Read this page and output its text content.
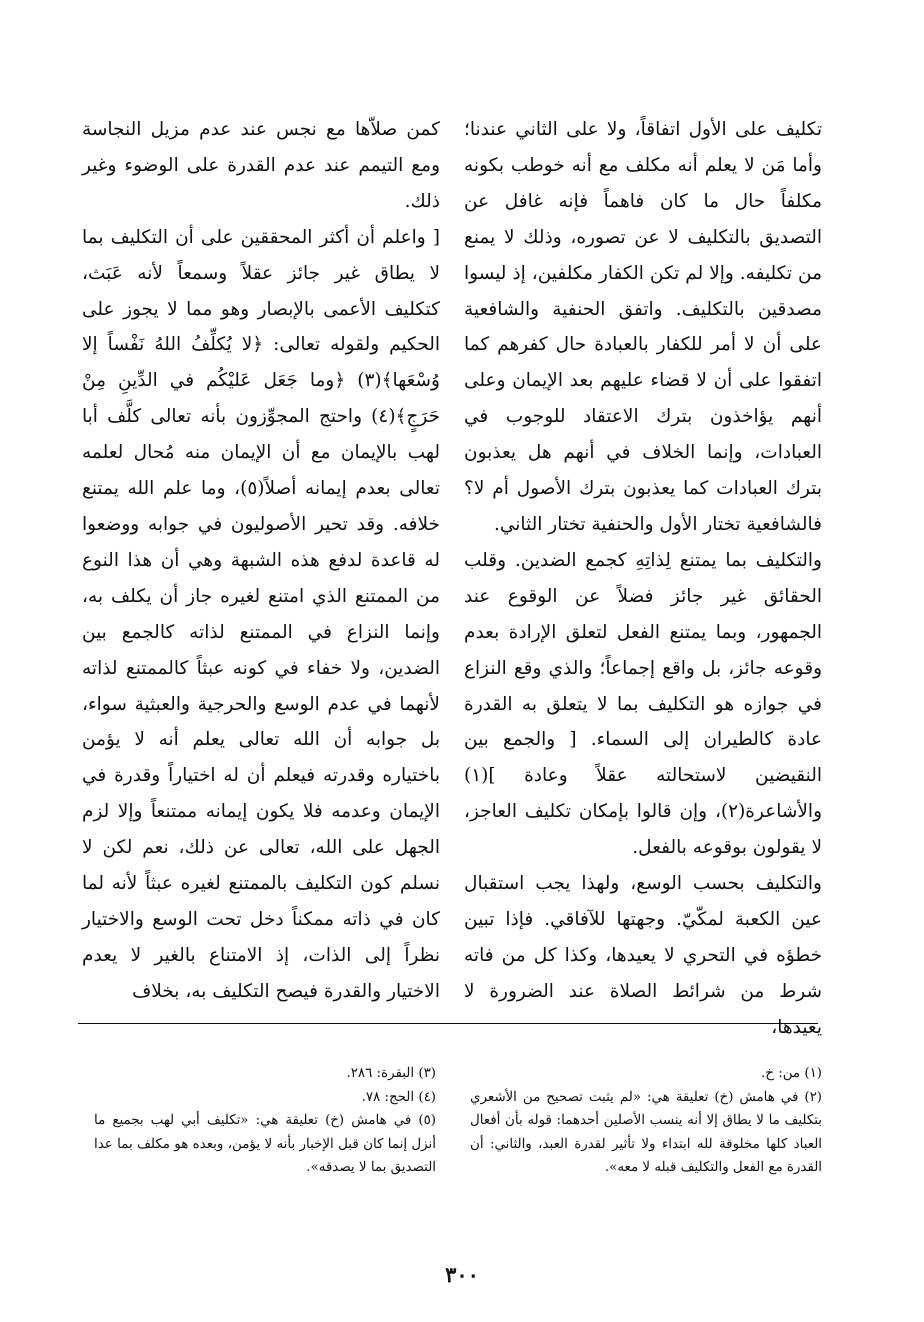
تكليف على الأول اتفاقاً، ولا على الثاني عندنا؛ وأما مَن لا يعلم أنه مكلف مع أنه خوطب بكونه مكلفاً حال ما كان فاهماً فإنه غافل عن التصديق بالتكليف لا عن تصوره، وذلك لا يمنع من تكليفه. وإلا لم تكن الكفار مكلفين، إذ ليسوا مصدقين بالتكليف. واتفق الحنفية والشافعية على أن لا أمر للكفار بالعبادة حال كفرهم كما اتفقوا على أن لا قضاء عليهم بعد الإيمان وعلى أنهم يؤاخذون بترك الاعتقاد للوجوب في العبادات، وإنما الخلاف في أنهم هل يعذبون بترك العبادات كما يعذبون بترك الأصول أم لا؟ فالشافعية تختار الأول والحنفية تختار الثاني.

والتكليف بما يمتنع لِذاتِهِ كجمع الضدين. وقلب الحقائق غير جائز فضلاً عن الوقوع عند الجمهور، وبما يمتنع الفعل لتعلق الإرادة بعدم وقوعه جائز، بل واقع إجماعاً؛ والذي وقع النزاع في جوازه هو التكليف بما لا يتعلق به القدرة عادة كالطيران إلى السماء. [ والجمع بين النقيضين لاستحالته عقلاً وعادة ](١) والأشاعرة(٢)، وإن قالوا بإمكان تكليف العاجز، لا يقولون بوقوعه بالفعل.

والتكليف بحسب الوسع، ولهذا يجب استقبال عين الكعبة لمكّيّ. وجهتها للآفاقي. فإذا تبين خطؤه في التحري لا يعيدها، وكذا كل من فاته شرط من شرائط الصلاة عند الضرورة لا يعيدها،

كمن صلاّها مع نجس عند عدم مزيل النجاسة ومع التيمم عند عدم القدرة على الوضوء وغير ذلك.

[ واعلم أن أكثر المحققين على أن التكليف بما لا يطاق غير جائز عقلاً وسمعاً لأنه عَبَث، كتكليف الأعمى بالإبصار وهو مما لا يجوز على الحكيم ولقوله تعالى: ﴿لا يُكلِّفُ اللهُ نَفْساً إلا وُسْعَها﴾(٣) ﴿وما جَعَل عَليْكُم في الدِّينِ مِنْ حَرَجٍ﴾(٤) واحتج المجوِّزون بأنه تعالى كلَّف أبا لهب بالإيمان مع أن الإيمان منه مُحال لعلمه تعالى بعدم إيمانه أصلاً(٥)، وما علم الله يمتنع خلافه. وقد تحير الأصوليون في جوابه ووضعوا له قاعدة لدفع هذه الشبهة وهي أن هذا النوع من الممتنع الذي امتنع لغيره جاز أن يكلف به، وإنما النزاع في الممتنع لذاته كالجمع بين الضدين، ولا خفاء في كونه عبثاً كالممتنع لذاته لأنهما في عدم الوسع والحرجية والعبثية سواء، بل جوابه أن الله تعالى يعلم أنه لا يؤمن باختياره وقدرته فيعلم أن له اختياراً وقدرة في الإيمان وعدمه فلا يكون إيمانه ممتنعاً وإلا لزم الجهل على الله، تعالى عن ذلك، نعم لكن لا نسلم كون التكليف بالممتنع لغيره عبثاً لأنه لما كان في ذاته ممكناً دخل تحت الوسع والاختيار نظراً إلى الذات، إذ الامتناع بالغير لا يعدم الاختيار والقدرة فيصح التكليف به، بخلاف

(١) من: خ.

(٢) في هامش (خ) تعليقة هي: «لم يثبت تصحيح من الأشعري بتكليف ما لا يطاق إلا أنه ينسب الأصلين أحدهما: قوله بأن أفعال العباد كلها مخلوقة لله ابتداء ولا تأثير لقدرة العبد، والثاني: أن القدرة مع الفعل والتكليف قبله لا معه».

(٣) البقرة: ٢٨٦.

(٤) الحج: ٧٨.

(٥) في هامش (خ) تعليقة هي: «تكليف أبي لهب بجميع ما أنزل إنما كان قبل الإخبار بأنه لا يؤمن، وبعده هو مكلف بما عدا التصديق بما لا يصدقه».

٣٠٠
